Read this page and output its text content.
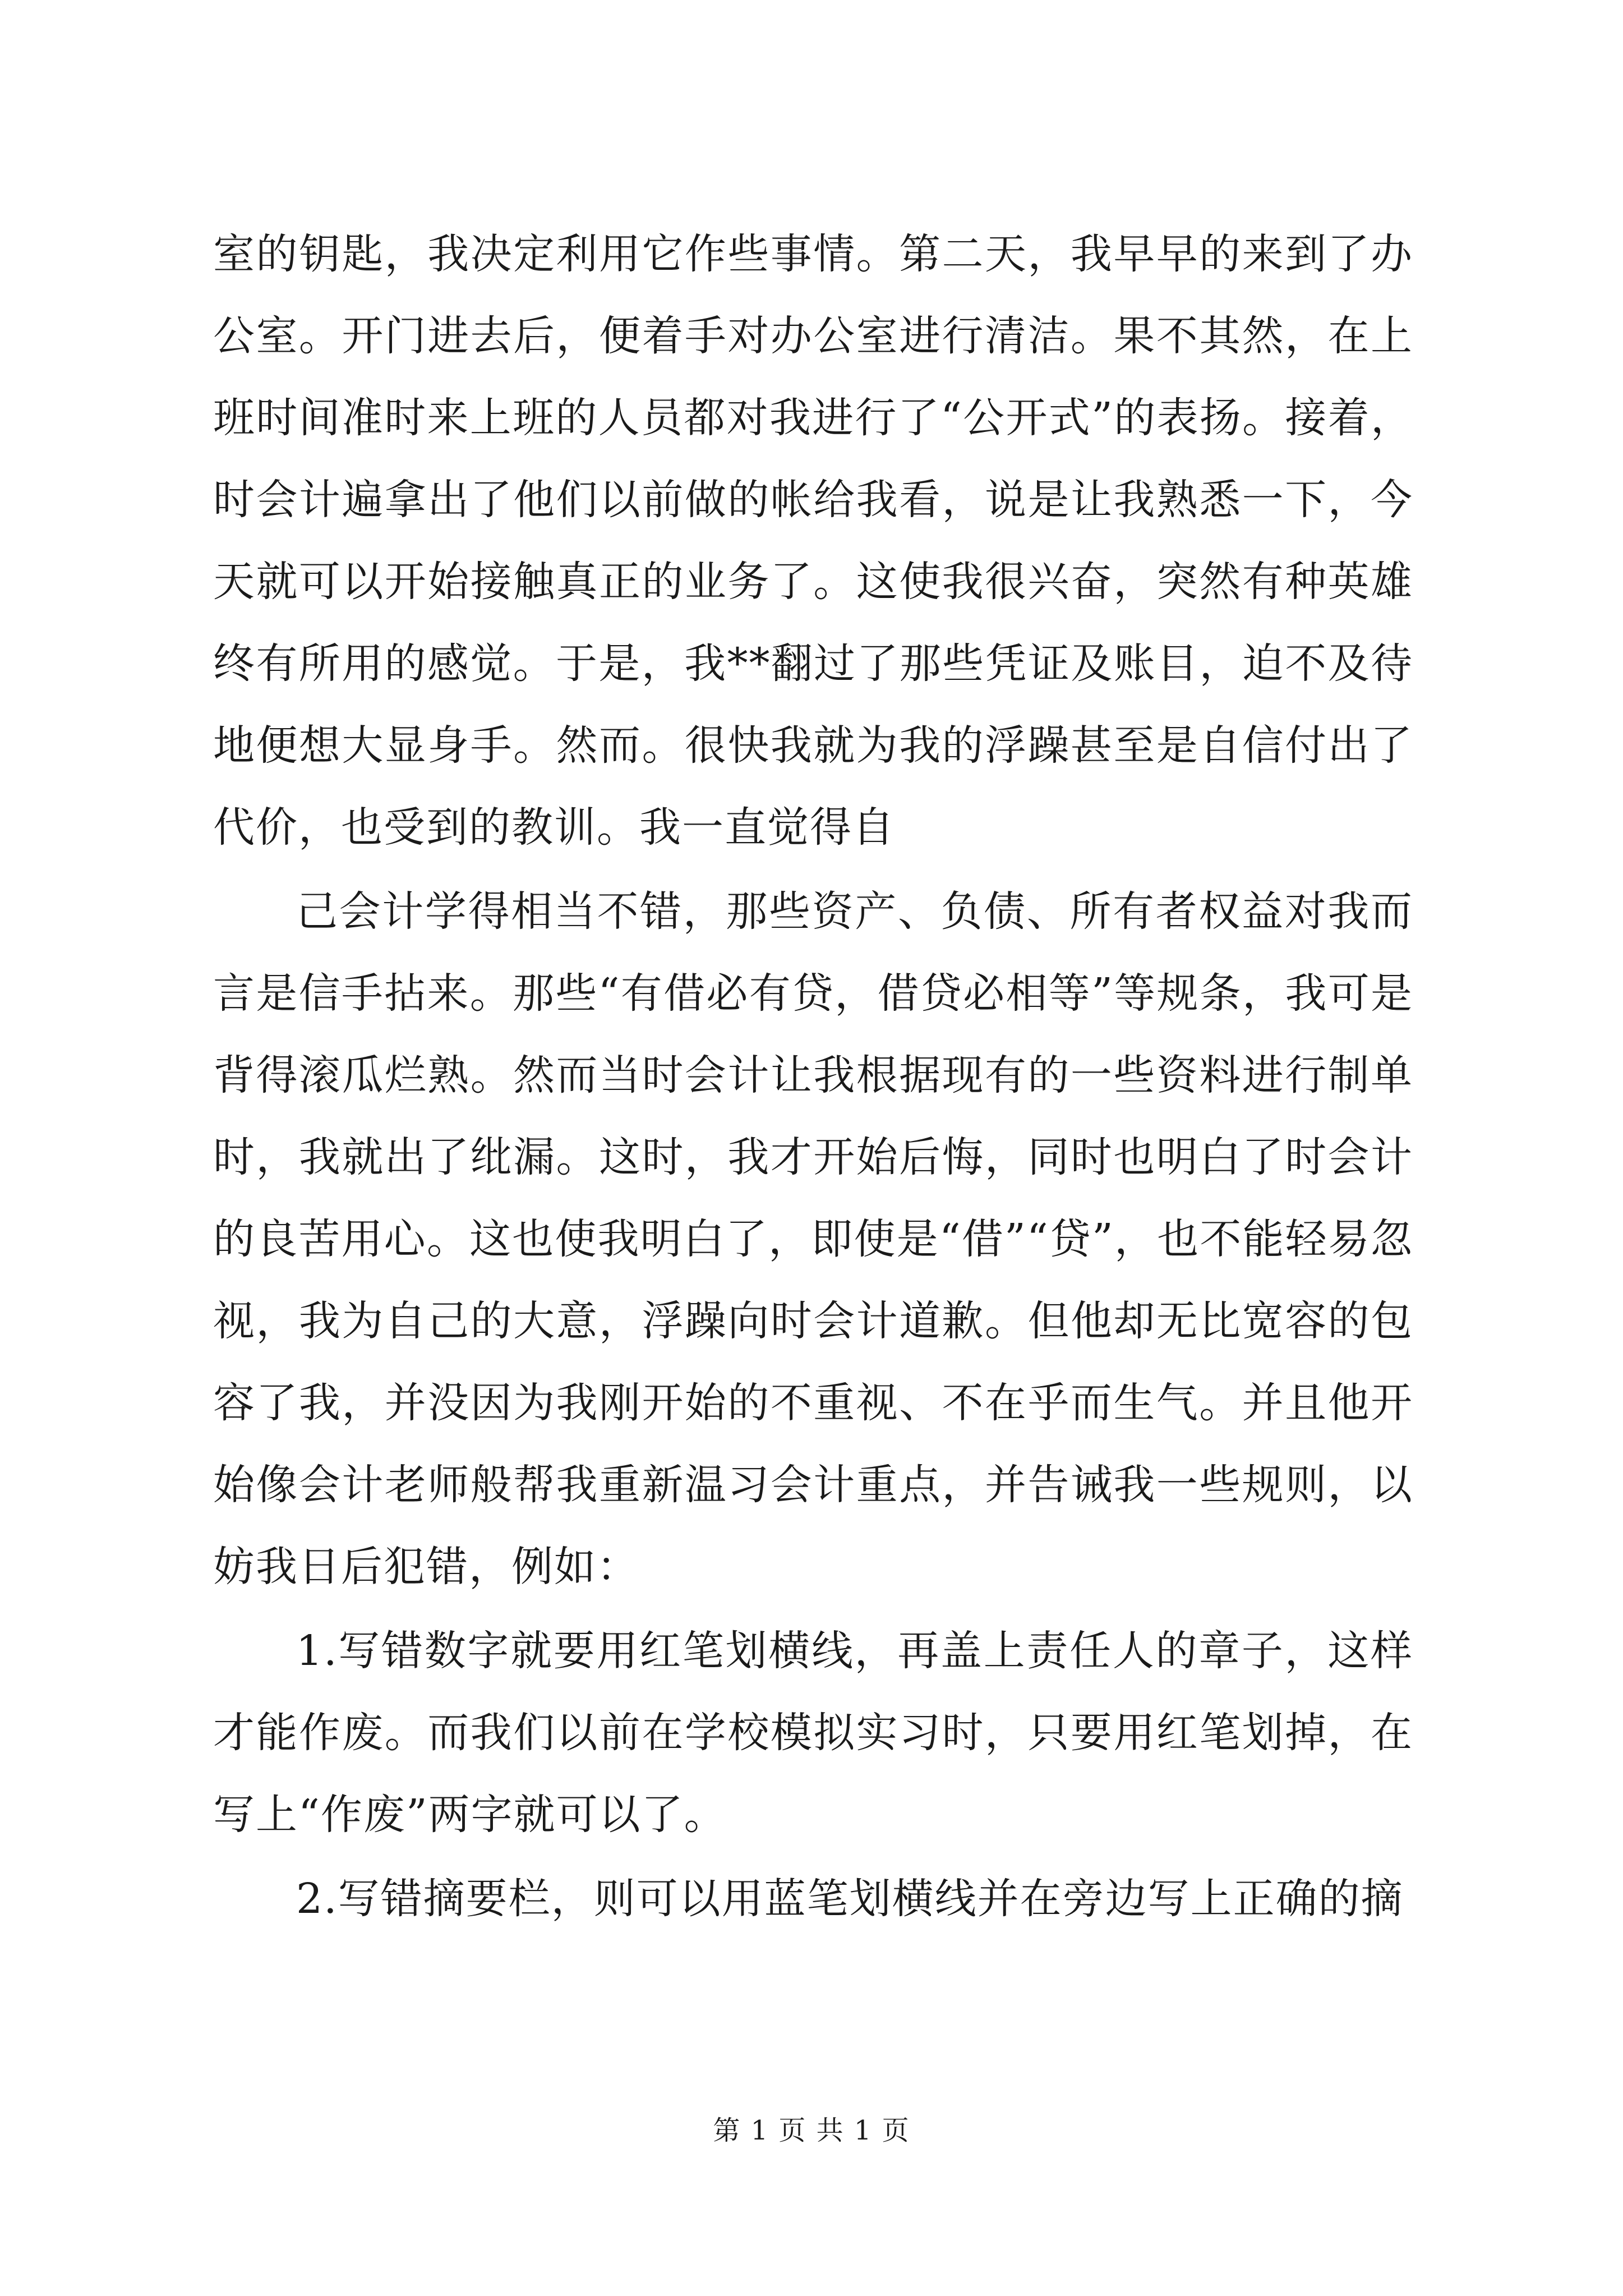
室的钥匙，我决定利用它作些事情。第二天，我早早的来到了办公室。开门进去后，便着手对办公室进行清洁。果不其然，在上班时间准时来上班的人员都对我进行了“公开式”的表扬。接着，时会计遍拿出了他们以前做的帐给我看，说是让我熟悉一下，今天就可以开始接触真正的业务了。这使我很兴奋，突然有种英雄终有所用的感觉。于是，我**翻过了那些凭证及账目，迫不及待地便想大显身手。然而。很快我就为我的浮躁甚至是自信付出了代价，也受到的教训。我一直觉得自

己会计学得相当不错，那些资产、负债、所有者权益对我而言是信手拈来。那些“有借必有贷，借贷必相等”等规条，我可是背得滚瓜烂熟。然而当时会计让我根据现有的一些资料进行制单时，我就出了纰漏。这时，我才开始后悔，同时也明白了时会计的良苦用心。这也使我明白了，即使是“借”“贷”，也不能轻易忽视，我为自己的大意，浮躁向时会计道歉。但他却无比宽容的包容了我，并没因为我刚开始的不重视、不在乎而生气。并且他开始像会计老师般帮我重新温习会计重点，并告诫我一些规则，以妨我日后犯错，例如：

1.写错数字就要用红笔划横线，再盖上责任人的章子，这样才能作废。而我们以前在学校模拟实习时，只要用红笔划掉，在写上“作废”两字就可以了。

2.写错摘要栏，则可以用蓝笔划横线并在旁边写上正确的摘

第 1 页 共 1 页
